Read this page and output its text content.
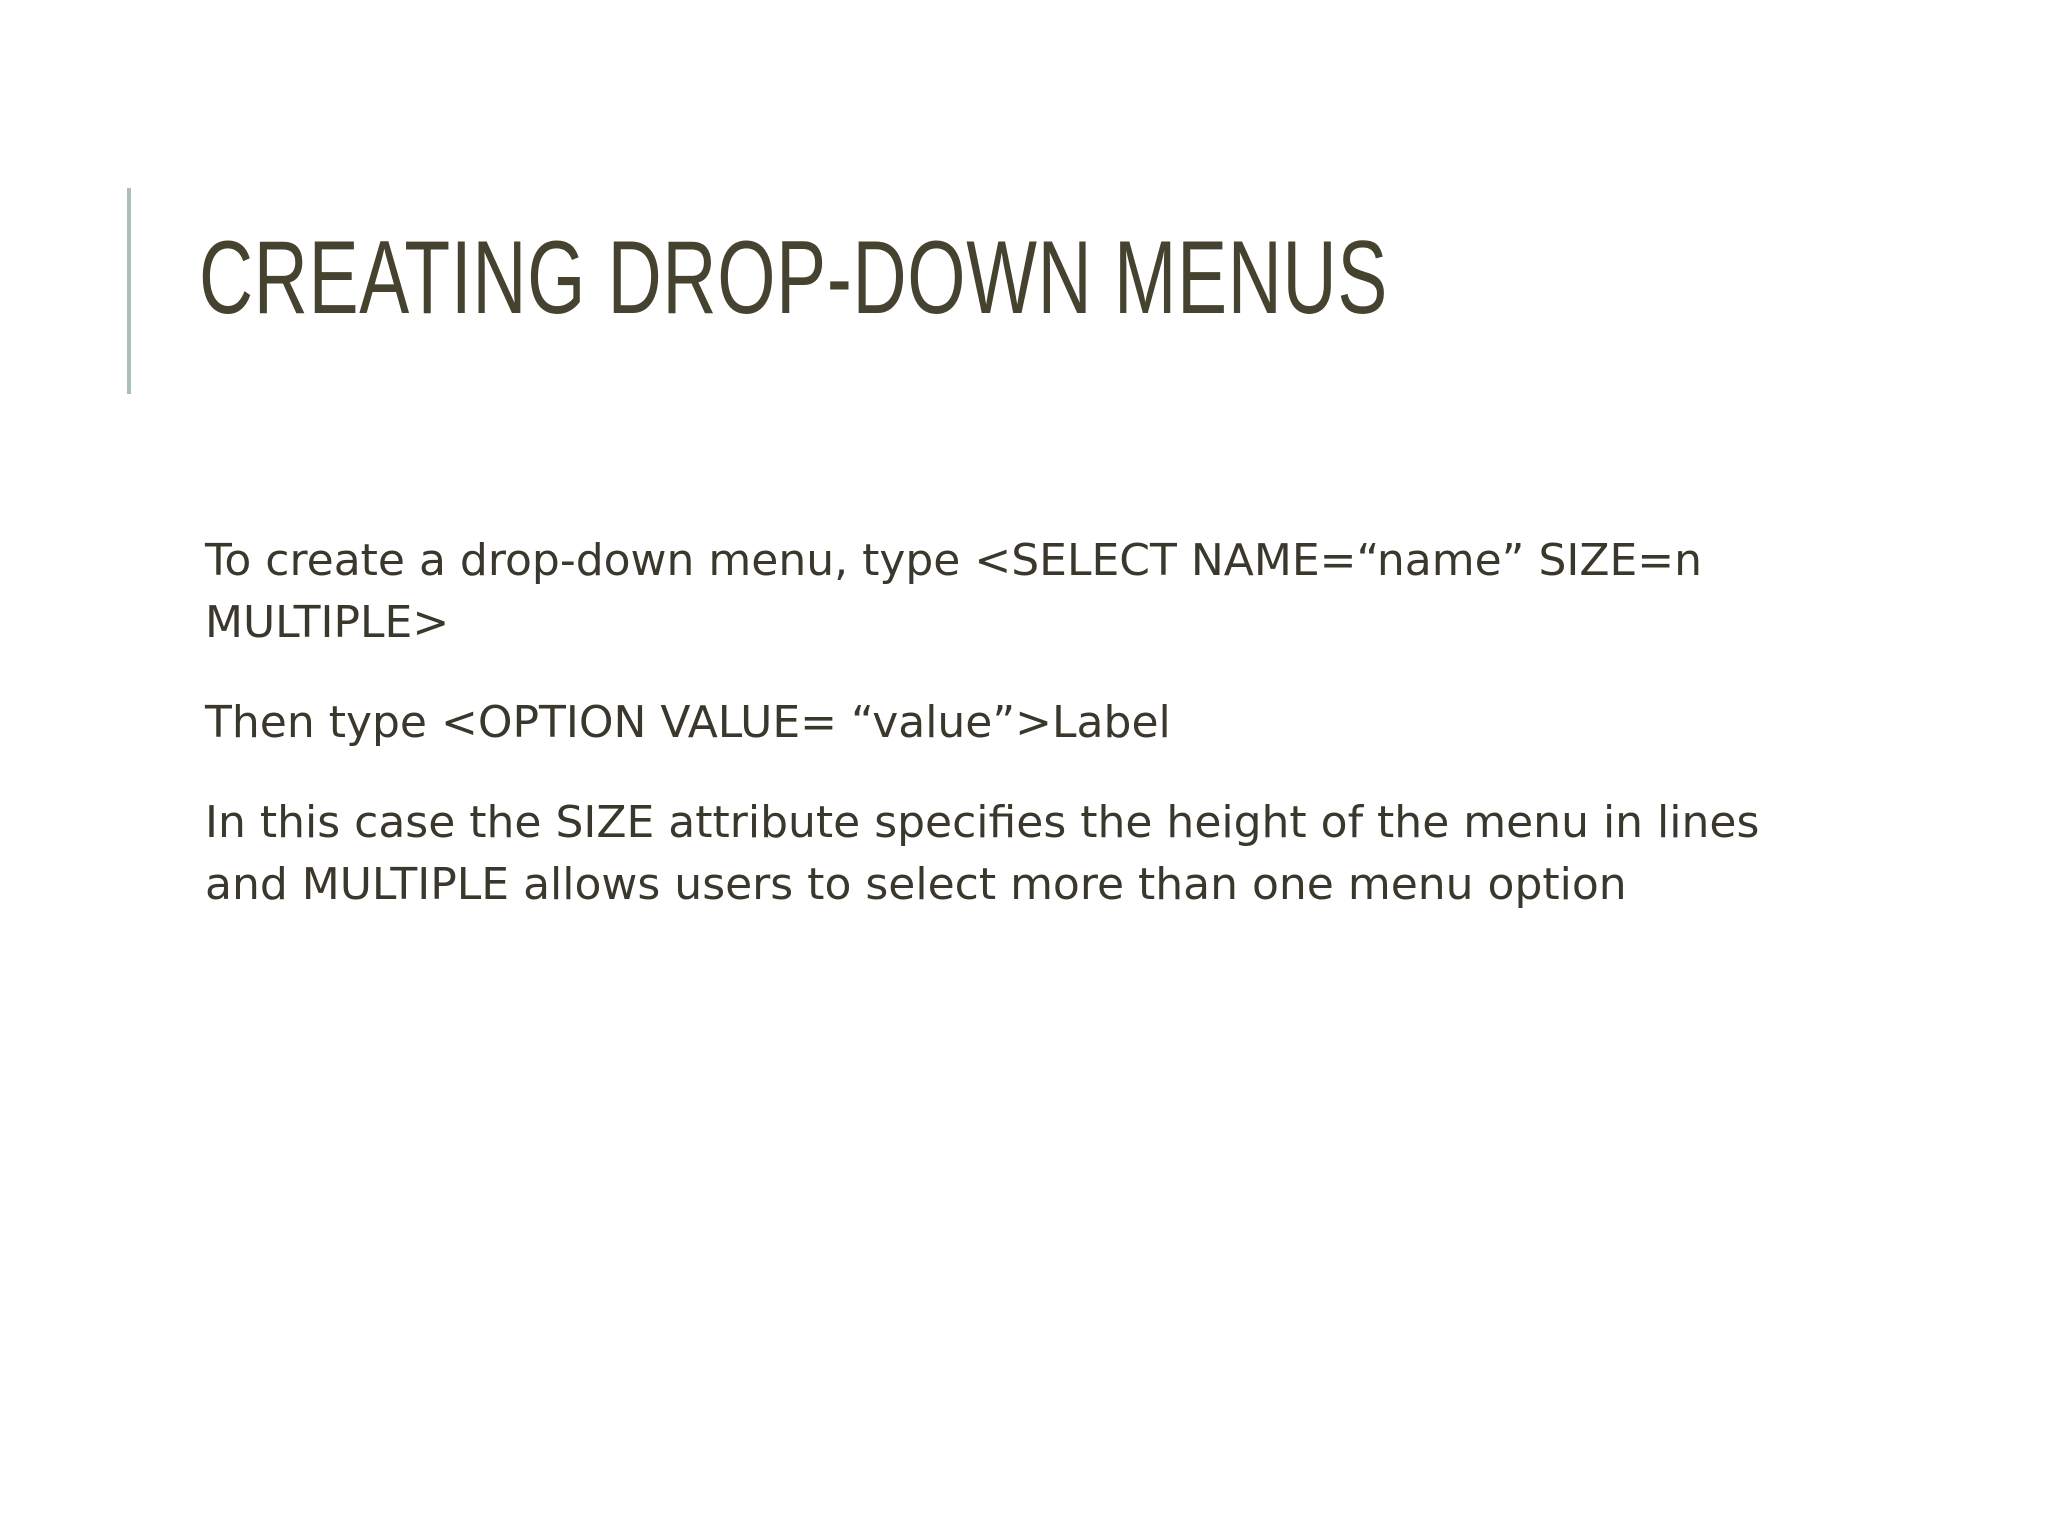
CREATING DROP-DOWN MENUS

To create a drop-down menu, type <SELECT NAME=“name” SIZE=n MULTIPLE>

Then type <OPTION VALUE= “value”>Label

In this case the SIZE attribute specifies the height of the menu in lines and MULTIPLE allows users to select more than one menu option
